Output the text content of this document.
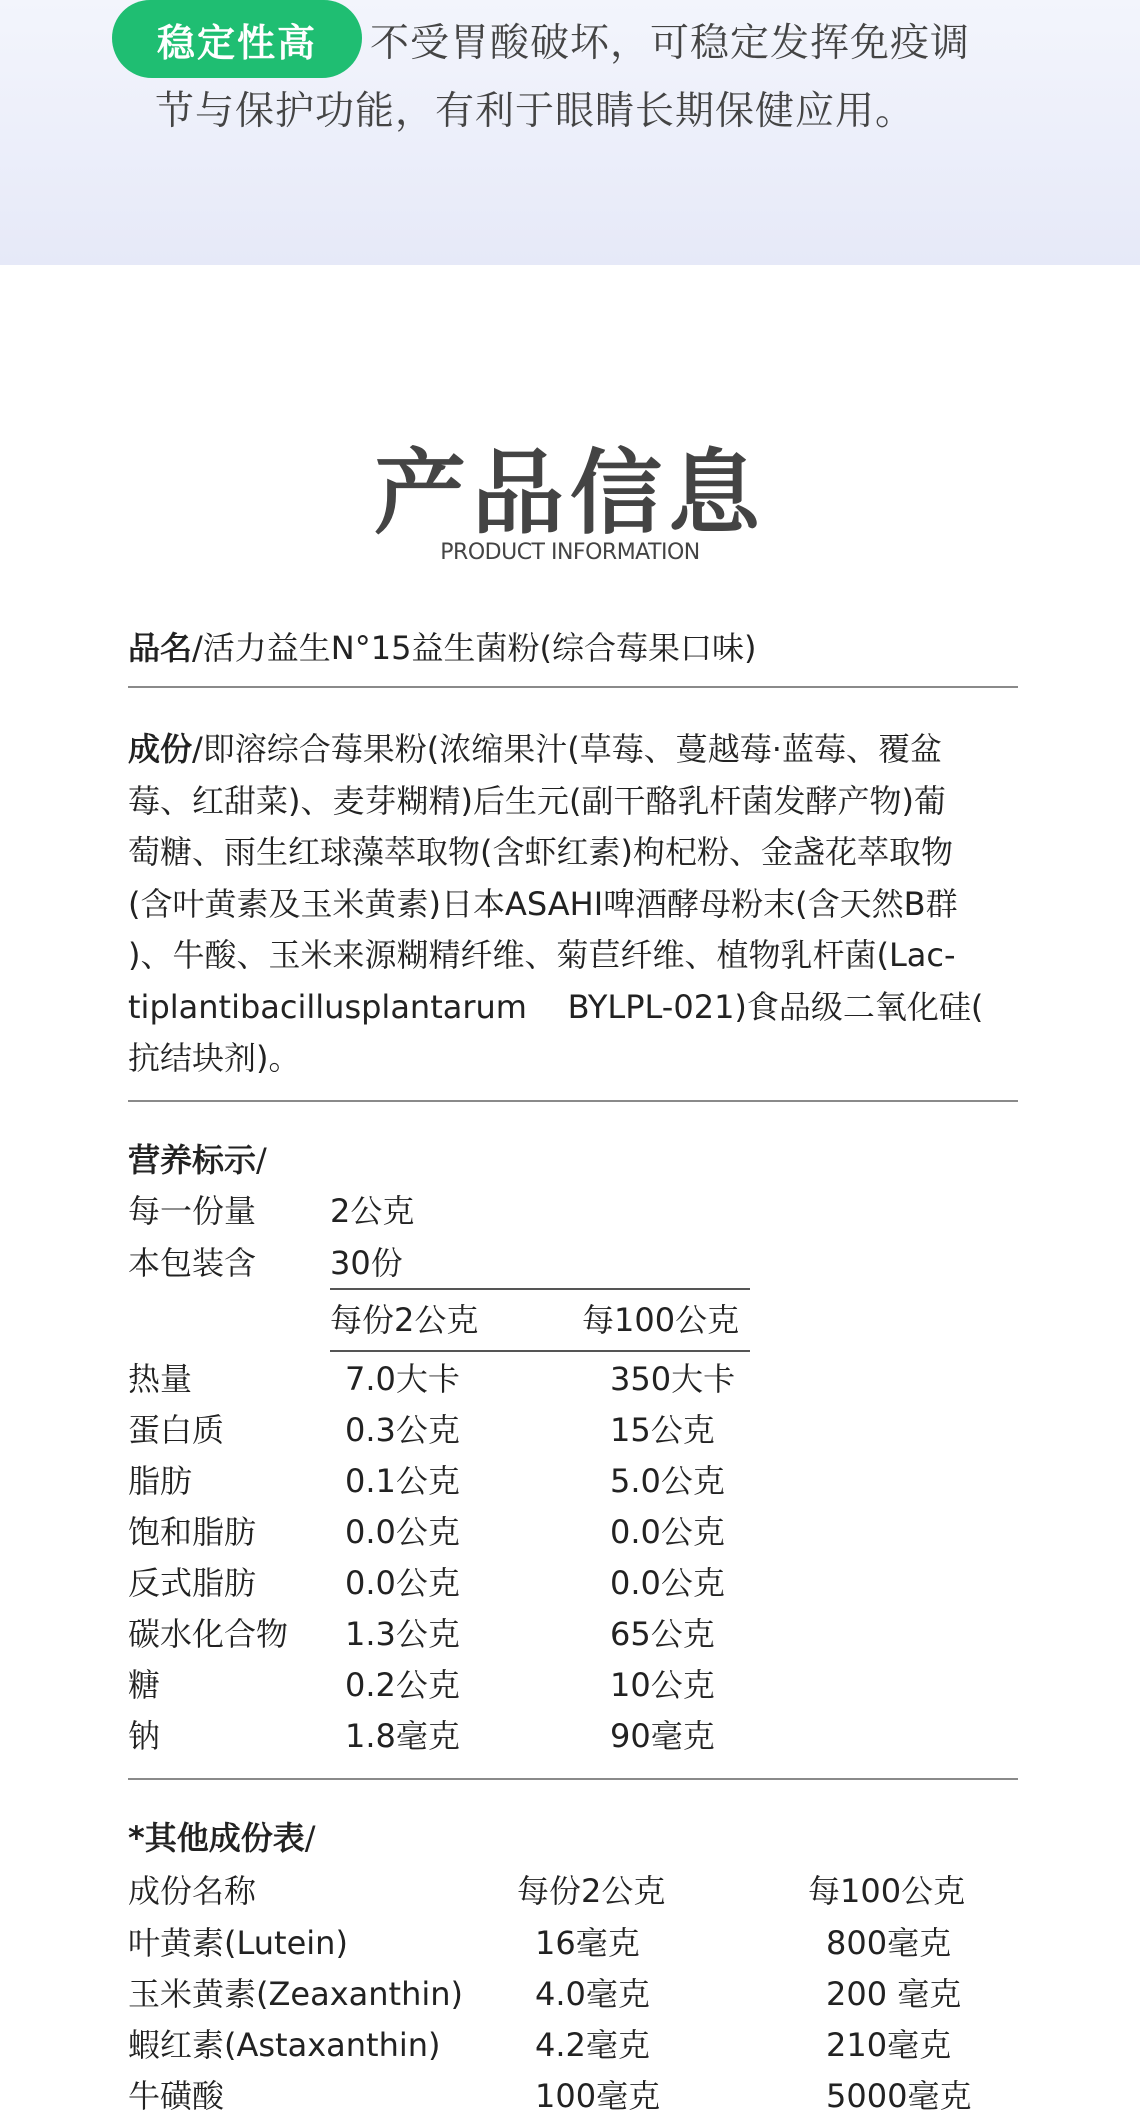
稳定性高	不受胃酸破坏，可稳定发挥免疫调
节与保护功能，有利于眼睛长期保健应用。
产品信息
PRODUCT INFORMATION
品名/活力益生N°15益生菌粉(综合莓果口味)
成份/即溶综合莓果粉(浓缩果汁(草莓、蔓越莓·蓝莓、覆盆
莓、红甜菜)、麦芽糊精)后生元(副干酪乳杆菌发酵产物)葡
萄糖、雨生红球藻萃取物(含虾红素)枸杞粉、金盏花萃取物
(含叶黄素及玉米黄素)日本ASAHI啤酒酵母粉末(含天然B群
)、牛酸、玉米来源糊精纤维、菊苣纤维、植物乳杆菌(Lac-
tiplantibacillusplantarum    BYLPL-021)食品级二氧化硅(
抗结块剂)。
营养标示/
每一份量 2公克
本包装含 30份
每份2公克	每100公克
热量	7.0大卡	350大卡
蛋白质	0.3公克	15公克
脂肪	0.1公克	5.0公克
饱和脂肪	0.0公克	0.0公克
反式脂肪	0.0公克	0.0公克
碳水化合物 1.3公克	65公克
糖	0.2公克	10公克
钠	1.8毫克	90毫克
*其他成份表/
成份名称	每份2公克	每100公克
叶黄素(Lutein)	16毫克	800毫克
玉米黄素(Zeaxanthin) 4.0毫克	200 毫克
蝦红素(Astaxanthin)	4.2毫克	210毫克
牛磺酸	100毫克	5000毫克
